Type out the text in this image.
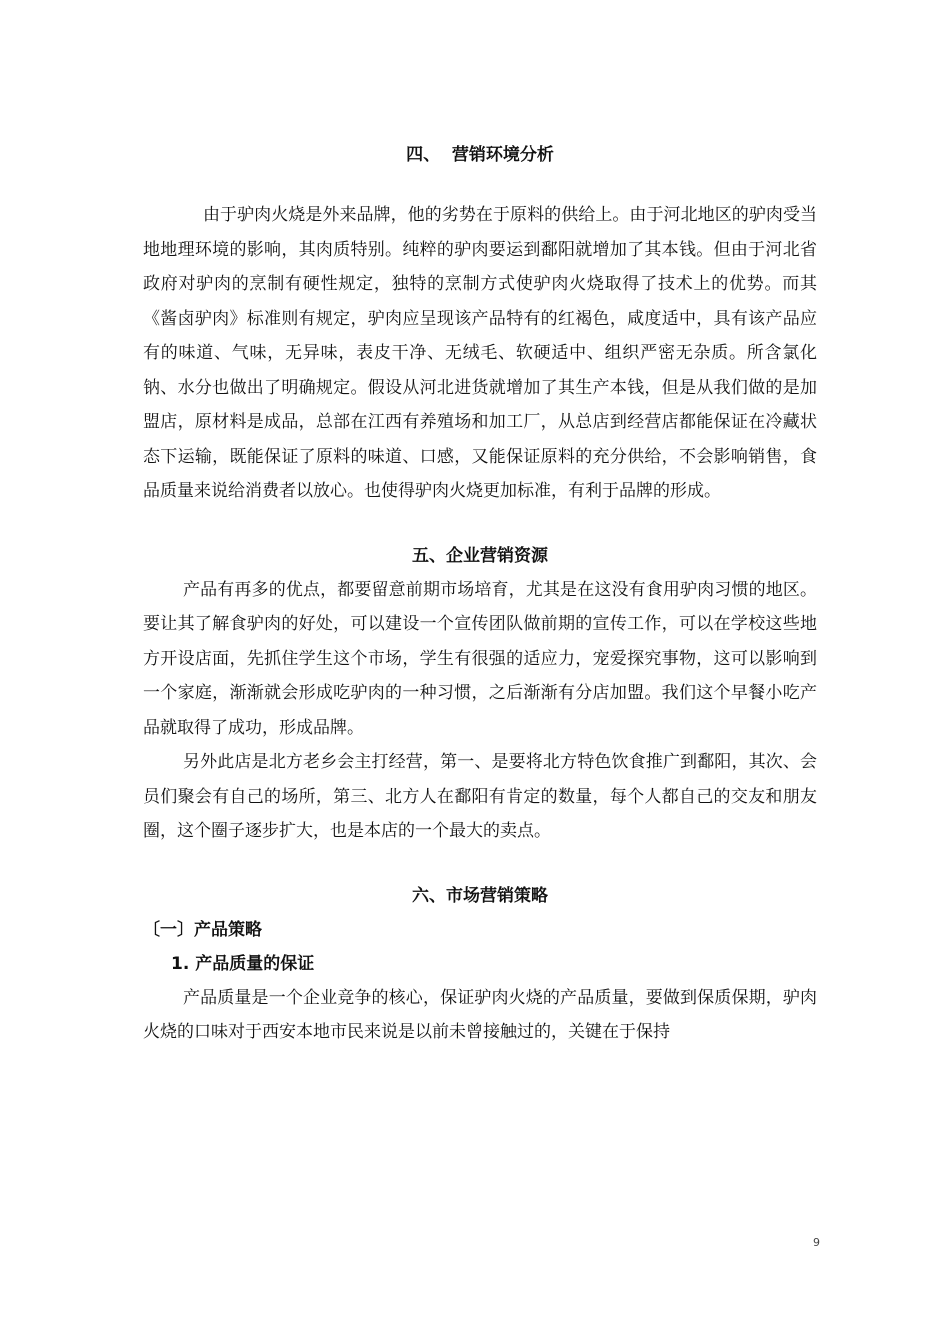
四、  营销环境分析

由于驴肉火烧是外来品牌，他的劣势在于原料的供给上。由于河北地区的驴肉受当地地理环境的影响，其肉质特别。纯粹的驴肉要运到鄱阳就增加了其本钱。但由于河北省政府对驴肉的烹制有硬性规定，独特的烹制方式使驴肉火烧取得了技术上的优势。而其《酱卤驴肉》标准则有规定，驴肉应呈现该产品特有的红褐色，咸度适中，具有该产品应有的味道、气味，无异味，表皮干净、无绒毛、软硬适中、组织严密无杂质。所含氯化钠、水分也做出了明确规定。假设从河北进货就增加了其生产本钱，但是从我们做的是加盟店，原材料是成品，总部在江西有养殖场和加工厂，从总店到经营店都能保证在冷藏状态下运输，既能保证了原料的味道、口感，又能保证原料的充分供给，不会影响销售，食品质量来说给消费者以放心。也使得驴肉火烧更加标准，有利于品牌的形成。

五、企业营销资源

产品有再多的优点，都要留意前期市场培育，尤其是在这没有食用驴肉习惯的地区。要让其了解食驴肉的好处，可以建设一个宣传团队做前期的宣传工作，可以在学校这些地方开设店面，先抓住学生这个市场，学生有很强的适应力，宠爱探究事物，这可以影响到一个家庭，渐渐就会形成吃驴肉的一种习惯，之后渐渐有分店加盟。我们这个早餐小吃产品就取得了成功，形成品牌。

另外此店是北方老乡会主打经营，第一、是要将北方特色饮食推广到鄱阳，其次、会员们聚会有自己的场所，第三、北方人在鄱阳有肯定的数量，每个人都自己的交友和朋友圈，这个圈子逐步扩大，也是本店的一个最大的卖点。

六、市场营销策略
〔一〕产品策略
1. 产品质量的保证

产品质量是一个企业竞争的核心，保证驴肉火烧的产品质量，要做到保质保期，驴肉火烧的口味对于西安本地市民来说是以前未曾接触过的，关键在于保持

9
